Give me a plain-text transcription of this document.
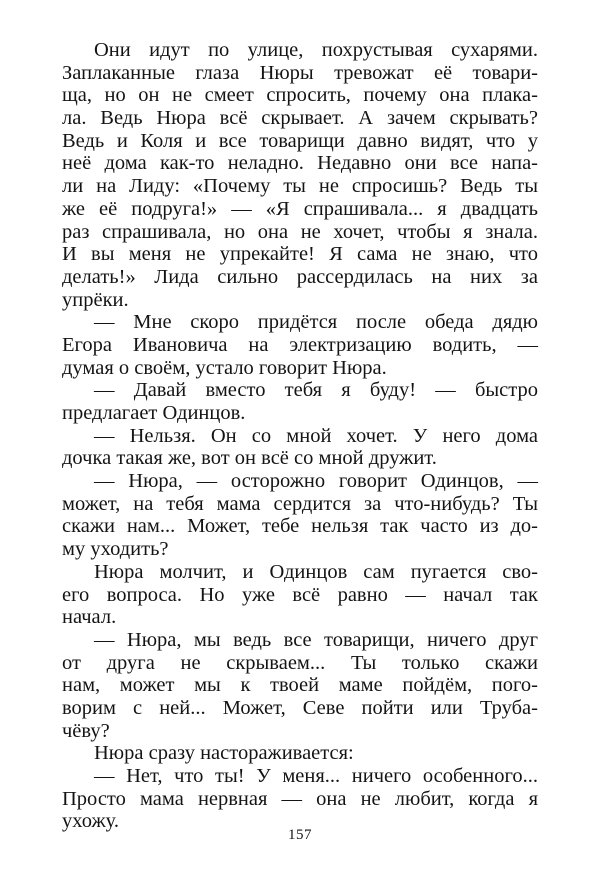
Они идут по улице, похрустывая сухарями.
Заплаканные глаза Нюры тревожат её товари-
ща, но он не смеет спросить, почему она плака-
ла. Ведь Нюра всё скрывает. А зачем скрывать?
Ведь и Коля и все товарищи давно видят, что у
неё дома как-то неладно. Недавно они все напа-
ли на Лиду: «Почему ты не спросишь? Ведь ты
же её подруга!» — «Я спрашивала... я двадцать
раз спрашивала, но она не хочет, чтобы я знала.
И вы меня не упрекайте! Я сама не знаю, что
делать!» Лида сильно рассердилась на них за
упрёки.
— Мне скоро придётся после обеда дядю
Егора Ивановича на электризацию водить, —
думая о своём, устало говорит Нюра.
— Давай вместо тебя я буду! — быстро
предлагает Одинцов.
— Нельзя. Он со мной хочет. У него дома
дочка такая же, вот он всё со мной дружит.
— Нюра, — осторожно говорит Одинцов, —
может, на тебя мама сердится за что-нибудь? Ты
скажи нам... Может, тебе нельзя так часто из до-
му уходить?
Нюра молчит, и Одинцов сам пугается сво-
его вопроса. Но уже всё равно — начал так
начал.
— Нюра, мы ведь все товарищи, ничего друг
от друга не скрываем... Ты только скажи
нам, может мы к твоей маме пойдём, пого-
ворим с ней... Может, Севе пойти или Труба-
чёву?
Нюра сразу настораживается:
— Нет, что ты! У меня... ничего особенного...
Просто мама нервная — она не любит, когда я
ухожу.
157
